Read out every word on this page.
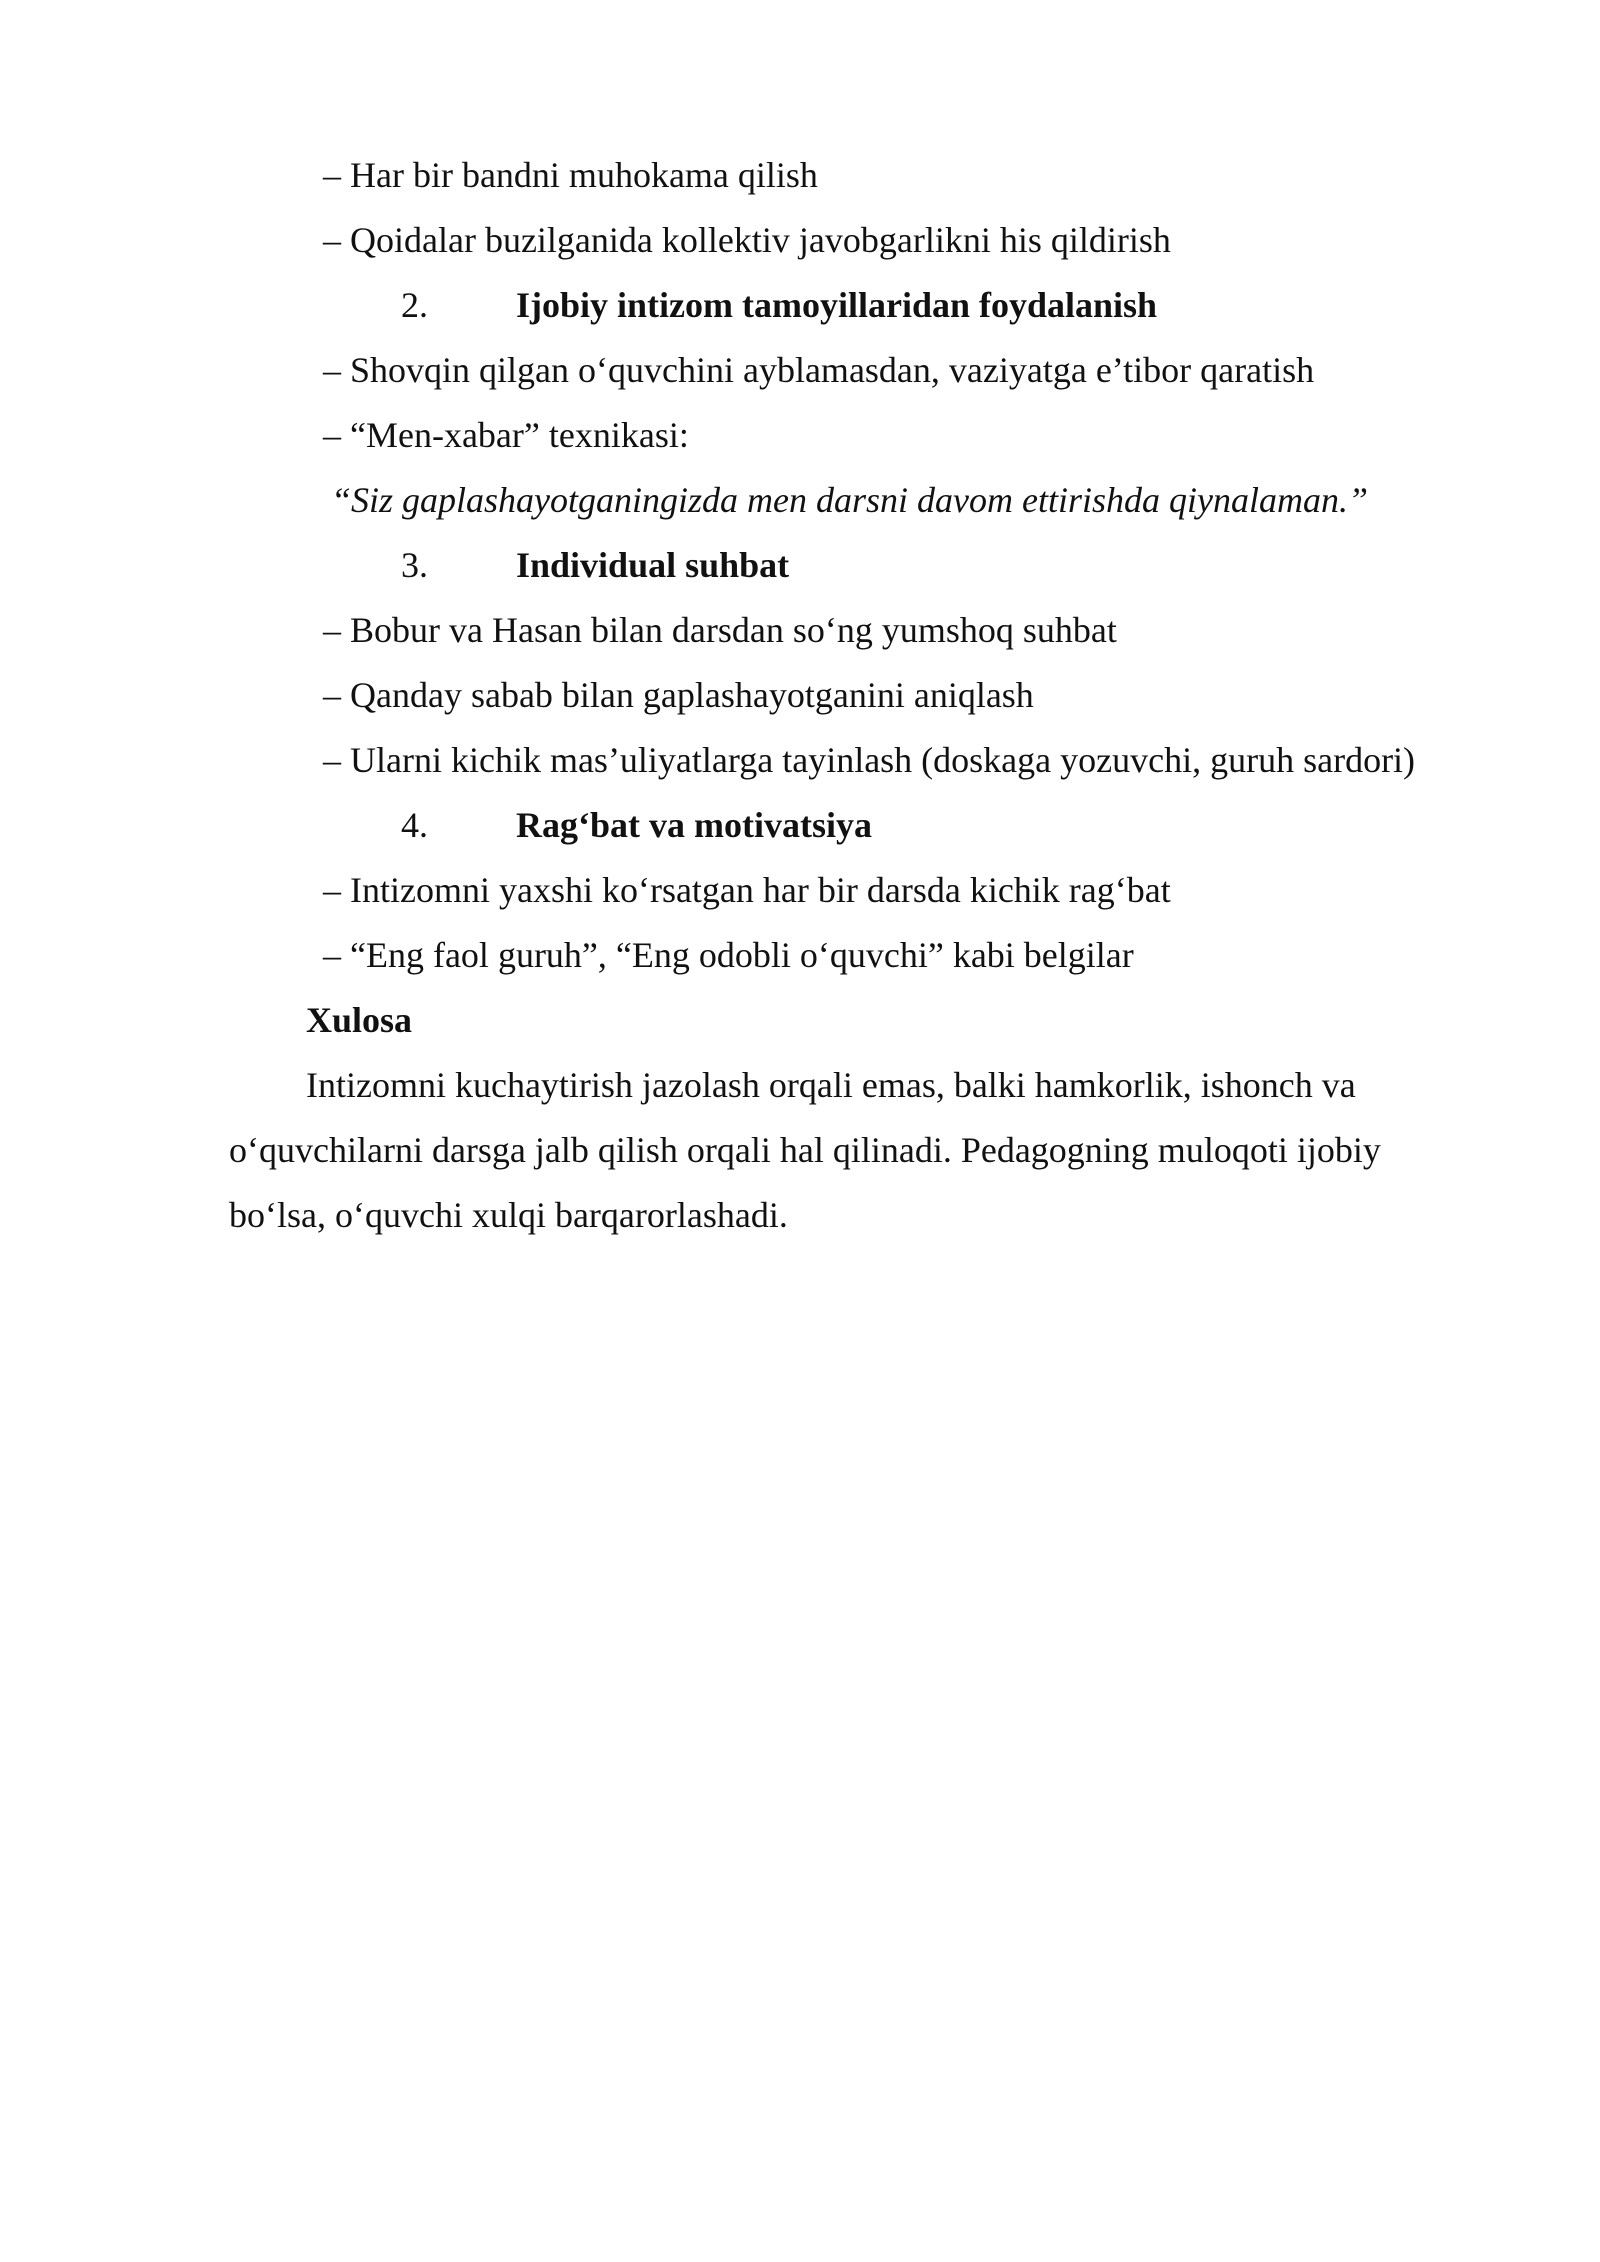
– Har bir bandni muhokama qilish
– Qoidalar buzilganida kollektiv javobgarlikni his qildirish
2. Ijobiy intizom tamoyillaridan foydalanish
– Shovqin qilgan o‘quvchini ayblamasdan, vaziyatga e’tibor qaratish
– “Men-xabar” texnikasi:
“Siz gaplashayotganingizda men darsni davom ettirishda qiynalaman.”
3. Individual suhbat
– Bobur va Hasan bilan darsdan so‘ng yumshoq suhbat
– Qanday sabab bilan gaplashayotganini aniqlash
– Ularni kichik mas’uliyatlarga tayinlash (doskaga yozuvchi, guruh sardori)
4. Rag‘bat va motivatsiya
– Intizomni yaxshi ko‘rsatgan har bir darsda kichik rag‘bat
– “Eng faol guruh”, “Eng odobli o‘quvchi” kabi belgilar
Xulosa
Intizomni kuchaytirish jazolash orqali emas, balki hamkorlik, ishonch va
o‘quvchilarni darsga jalb qilish orqali hal qilinadi. Pedagogning muloqoti ijobiy
bo‘lsa, o‘quvchi xulqi barqarorlashadi.
